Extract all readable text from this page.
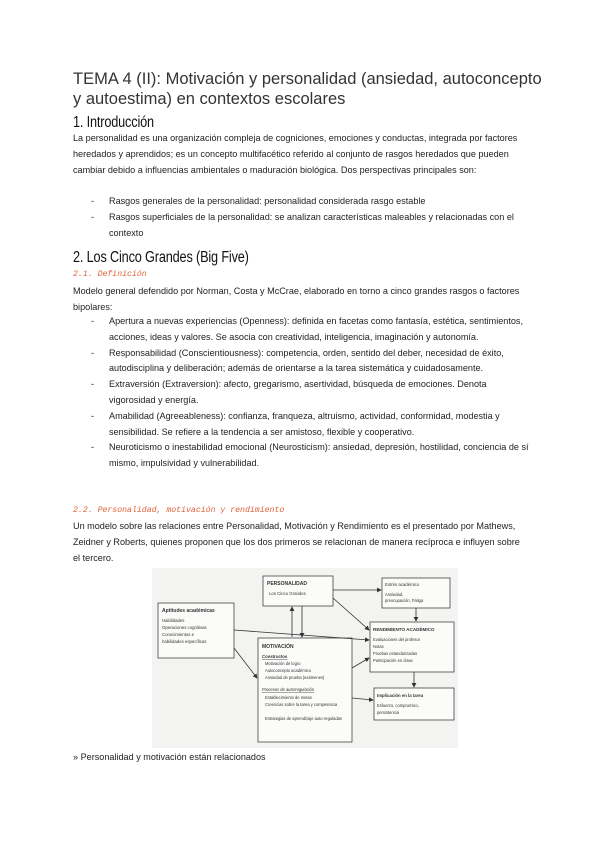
TEMA 4 (II): Motivación y personalidad (ansiedad, autoconcepto y autoestima) en contextos escolares
1. Introducción
La personalidad es una organización compleja de cogniciones, emociones y conductas, integrada por factores heredados y aprendidos; es un concepto multifacético referido al conjunto de rasgos heredados que pueden cambiar debido a influencias ambientales o maduración biológica. Dos perspectivas principales son:
- Rasgos generales de la personalidad: personalidad considerada rasgo estable
- Rasgos superficiales de la personalidad: se analizan características maleables y relacionadas con el contexto
2. Los Cinco Grandes (Big Five)
2.1. Definición
Modelo general defendido por Norman, Costa y McCrae, elaborado en torno a cinco grandes rasgos o factores bipolares:
- Apertura a nuevas experiencias (Openness): definida en facetas como fantasía, estética, sentimientos, acciones, ideas y valores. Se asocia con creatividad, inteligencia, imaginación y autonomía.
- Responsabilidad (Conscientiousness): competencia, orden, sentido del deber, necesidad de éxito, autodisciplina y deliberación; además de orientarse a la tarea sistemática y cuidadosamente.
- Extraversión (Extraversion): afecto, gregarismo, asertividad, búsqueda de emociones. Denota vigorosidad y energía.
- Amabilidad (Agreeableness): confianza, franqueza, altruismo, actividad, conformidad, modestia y sensibilidad. Se refiere a la tendencia a ser amistoso, flexible y cooperativo.
- Neuroticismo o inestabilidad emocional (Neurosticism): ansiedad, depresión, hostilidad, conciencia de sí mismo, impulsividad y vulnerabilidad.
2.2. Personalidad, motivación y rendimiento
Un modelo sobre las relaciones entre Personalidad, Motivación y Rendimiento es el presentado por Mathews, Zeidner y Roberts, quienes proponen que los dos primeros se relacionan de manera recíproca e influyen sobre el tercero.
Aptitudes académicas
Habilidades
Operaciones cognitivas
Conocimientos e
habilidades específicas
PERSONALIDAD
Los Cinco Grandes
Estrés académico
Ansiedad,
preocupación, Fatiga
RENDIMIENTO ACADÉMICO
Evaluaciones del profesor
Notas
Pruebas estandarizadas
Participación en clase
MOTIVACIÓN
Constructos
Motivación de logro
Autoconcepto académico
Ansiedad de prueba (exámenes)
Procesos de autorregulación
Establecimiento de metas
Creencias sobre la tarea y competencia
Estrategias de aprendizaje auto-reguladas
Implicación en la tarea
Esfuerzo, compromiso,
persistencia
» Personalidad y motivación están relacionados
